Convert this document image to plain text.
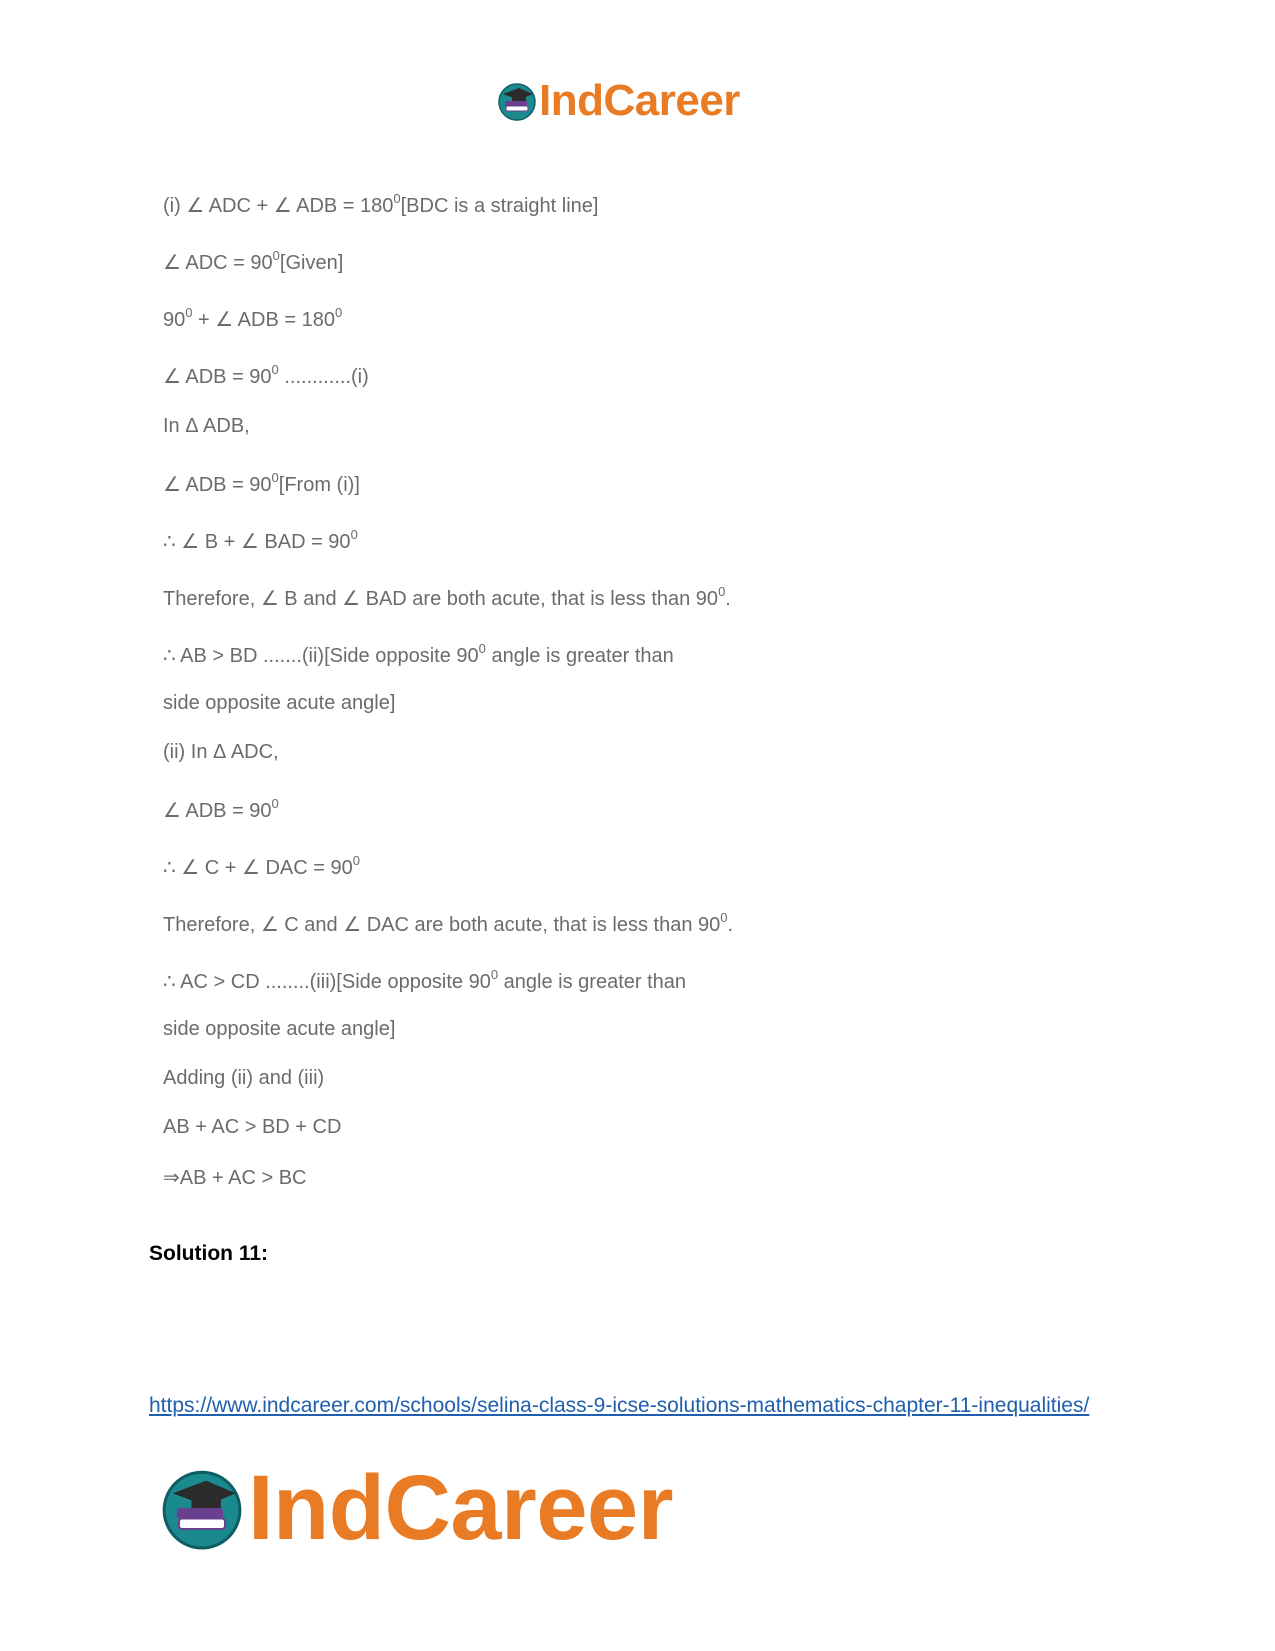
IndCareer
(i) ∠ ADC + ∠ ADB = $180^0[BDC$ is a straight line]
∠ ADC = $90^0[Given]$
$90^0$ + ∠ ADB = $180^0$
∠ ADB = $90^0$ ............(i)
In Δ ADB,
∠ ADB = $90^0[From$ (i)]
∴ ∠ B + ∠ BAD = $90^0$
Therefore, ∠ B and ∠ BAD are both acute, that is less than $90^0$.
∴ AB > BD .......(ii)[Side opposite $90^0$ angle is greater than
side opposite acute angle]
(ii) In Δ ADC,
∠ ADB = $90^0$
∴ ∠ C + ∠ DAC = $90^0$
Therefore, ∠ C and ∠ DAC are both acute, that is less than $90^0$.
∴ AC > CD ........(iii)[Side opposite $90^0$ angle is greater than
side opposite acute angle]
Adding (ii) and (iii)
AB + AC > BD + CD
⇒AB + AC > BC
Solution 11:
https://www.indcareer.com/schools/selina-class-9-icse-solutions-mathematics-chapter-11-inequalities/
IndCareer
